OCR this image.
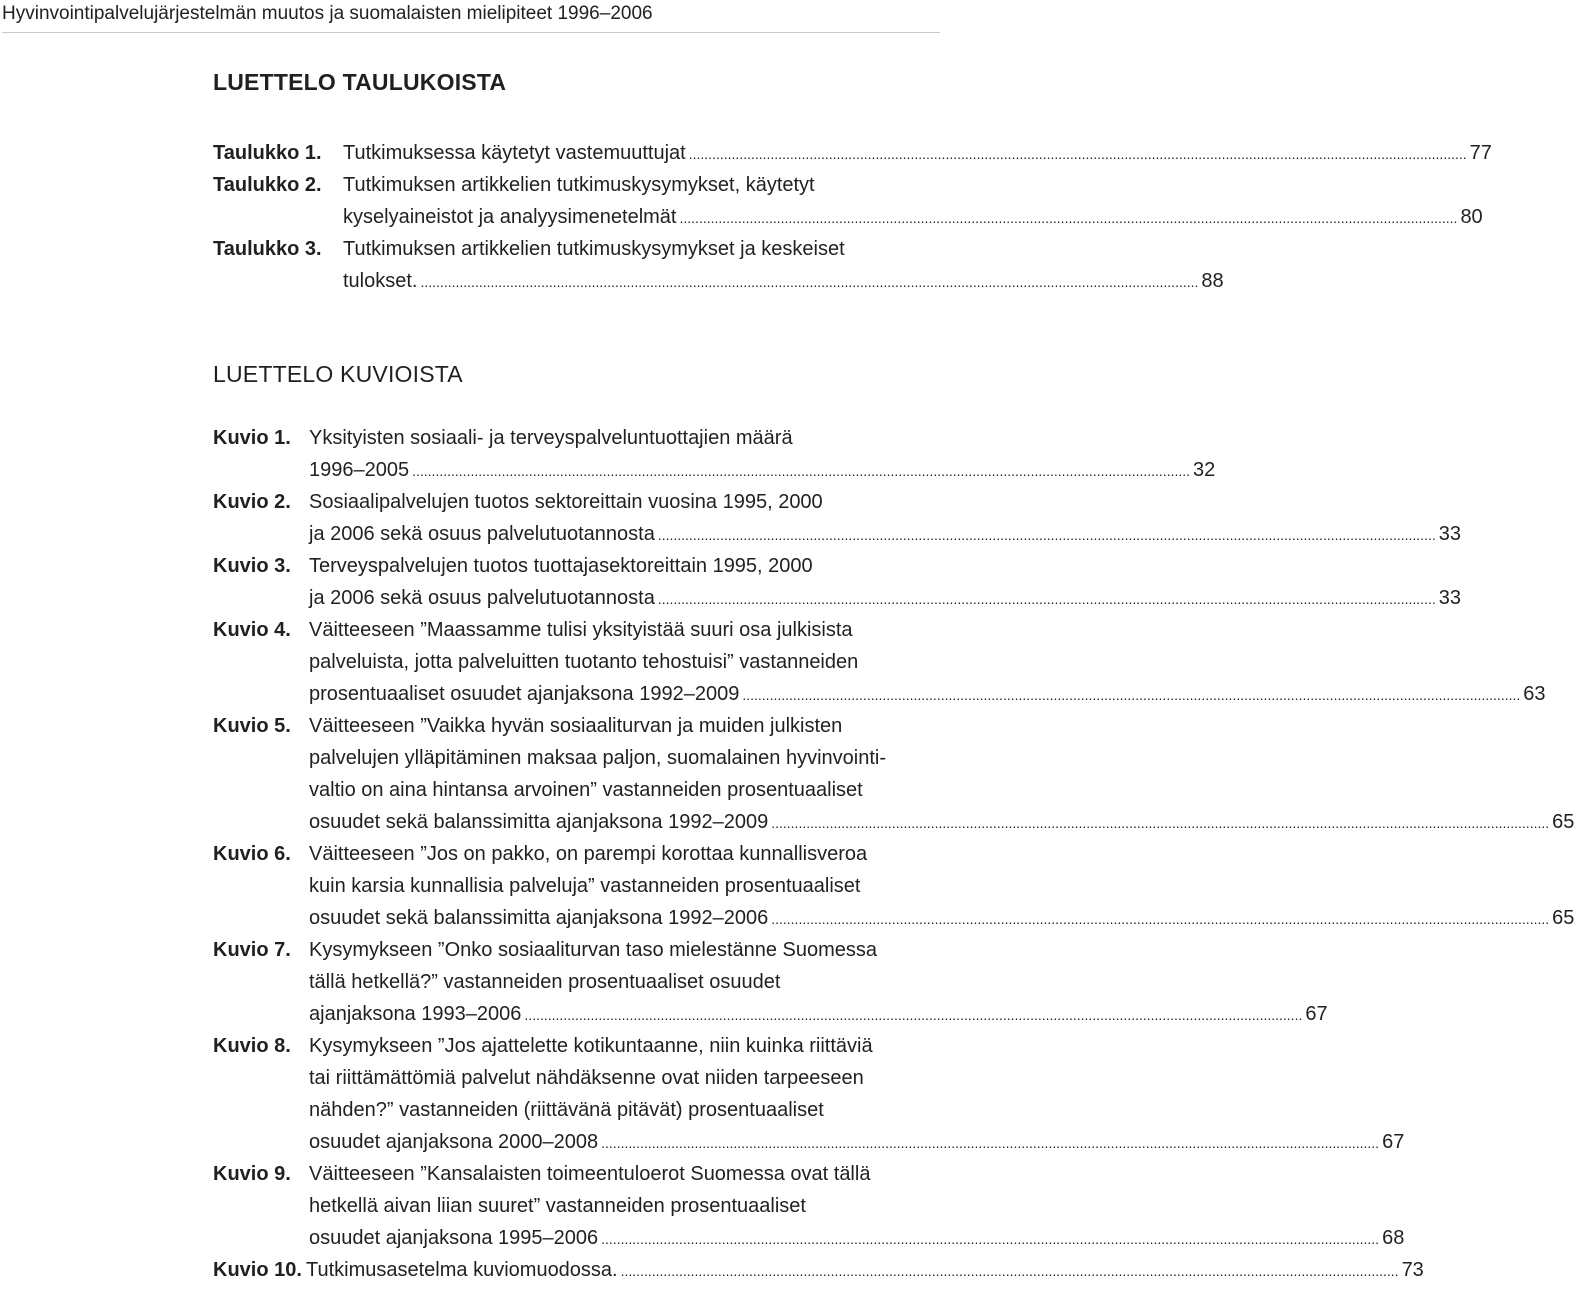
Hyvinvointipalvelujärjestelmän muutos ja suomalaisten mielipiteet 1996–2006
LUETTELO TAULUKOISTA
Taulukko 1. Tutkimuksessa käytetyt vastemuuttujat ........................................................................................................................................................................................................ 77
Taulukko 2. Tutkimuksen artikkelien tutkimuskysymykset, käytetyt
kyselyaineistot ja analyysimenetelmät ........................................................................................................................................................................................................ 80
Taulukko 3. Tutkimuksen artikkelien tutkimuskysymykset ja keskeiset
tulokset. ........................................................................................................................................................................................................ 88
LUETTELO KUVIOISTA
Kuvio 1. Yksityisten sosiaali- ja terveyspalveluntuottajien määrä
1996–2005 ........................................................................................................................................................................................................ 32
Kuvio 2. Sosiaalipalvelujen tuotos sektoreittain vuosina 1995, 2000
ja 2006 sekä osuus palvelutuotannosta ........................................................................................................................................................................................................ 33
Kuvio 3. Terveyspalvelujen tuotos tuottajasektoreittain 1995, 2000
ja 2006 sekä osuus palvelutuotannosta ........................................................................................................................................................................................................ 33
Kuvio 4. Väitteeseen ”Maassamme tulisi yksityistää suuri osa julkisista
palveluista, jotta palveluitten tuotanto tehostuisi” vastanneiden
prosentuaaliset osuudet ajanjaksona 1992–2009 ........................................................................................................................................................................................................ 63
Kuvio 5. Väitteeseen ”Vaikka hyvän sosiaaliturvan ja muiden julkisten
palvelujen ylläpitäminen maksaa paljon, suomalainen hyvinvointi-
valtio on aina hintansa arvoinen” vastanneiden prosentuaaliset
osuudet sekä balanssimitta ajanjaksona 1992–2009 ........................................................................................................................................................................................................ 65
Kuvio 6. Väitteeseen ”Jos on pakko, on parempi korottaa kunnallisveroa
kuin karsia kunnallisia palveluja” vastanneiden prosentuaaliset
osuudet sekä balanssimitta ajanjaksona 1992–2006 ........................................................................................................................................................................................................ 65
Kuvio 7. Kysymykseen ”Onko sosiaaliturvan taso mielestänne Suomessa
tällä hetkellä?” vastanneiden prosentuaaliset osuudet
ajanjaksona 1993–2006 ........................................................................................................................................................................................................ 67
Kuvio 8. Kysymykseen ”Jos ajattelette kotikuntaanne, niin kuinka riittäviä
tai riittämättömiä palvelut nähdäksenne ovat niiden tarpeeseen
nähden?” vastanneiden (riittävänä pitävät) prosentuaaliset
osuudet ajanjaksona 2000–2008 ........................................................................................................................................................................................................ 67
Kuvio 9. Väitteeseen ”Kansalaisten toimeentuloerot Suomessa ovat tällä
hetkellä aivan liian suuret” vastanneiden prosentuaaliset
osuudet ajanjaksona 1995–2006 ........................................................................................................................................................................................................ 68
Kuvio 10. Tutkimusasetelma kuviomuodossa. ........................................................................................................................................................................................................ 73
